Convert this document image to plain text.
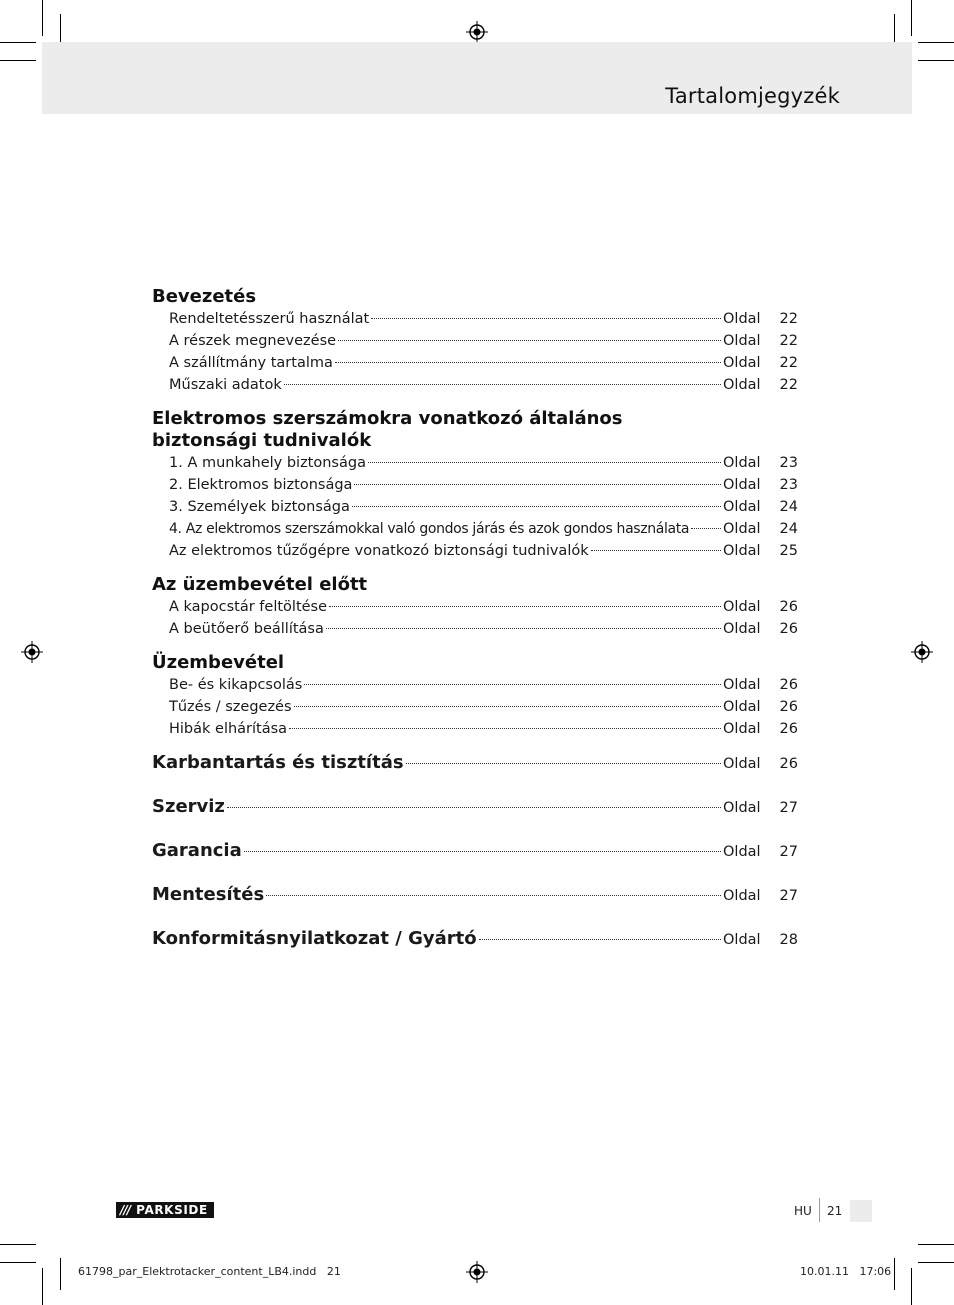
Tartalomjegyzék
Bevezetés
Rendeltetésszerű használat	Oldal	22
A részek megnevezése	Oldal	22
A szállítmány tartalma	Oldal	22
Műszaki adatok	Oldal	22
Elektromos szerszámokra vonatkozó általános
biztonsági tudnivalók
1. A munkahely biztonsága	Oldal	23
2. Elektromos biztonsága	Oldal	23
3. Személyek biztonsága	Oldal	24
4. Az elektromos szerszámokkal való gondos járás és azok gondos használata Oldal	24
Az elektromos tűzőgépre vonatkozó biztonsági tudnivalók	Oldal	25
Az üzembevétel előtt
A kapocstár feltöltése	Oldal	26
A beütőerő beállítása	Oldal	26
Üzembevétel
Be- és kikapcsolás	Oldal	26
Tűzés / szegezés	Oldal	26
Hibák elhárítása	Oldal	26
Karbantartás és tisztítás	Oldal	26
Szerviz	Oldal	27
Garancia	Oldal	27
Mentesítés	Oldal	27
Konformitásnyilatkozat / Gyártó	Oldal	28
/// PARKSIDE	HU 21
61798_par_Elektrotacker_content_LB4.indd   21	10.01.11   17:06
